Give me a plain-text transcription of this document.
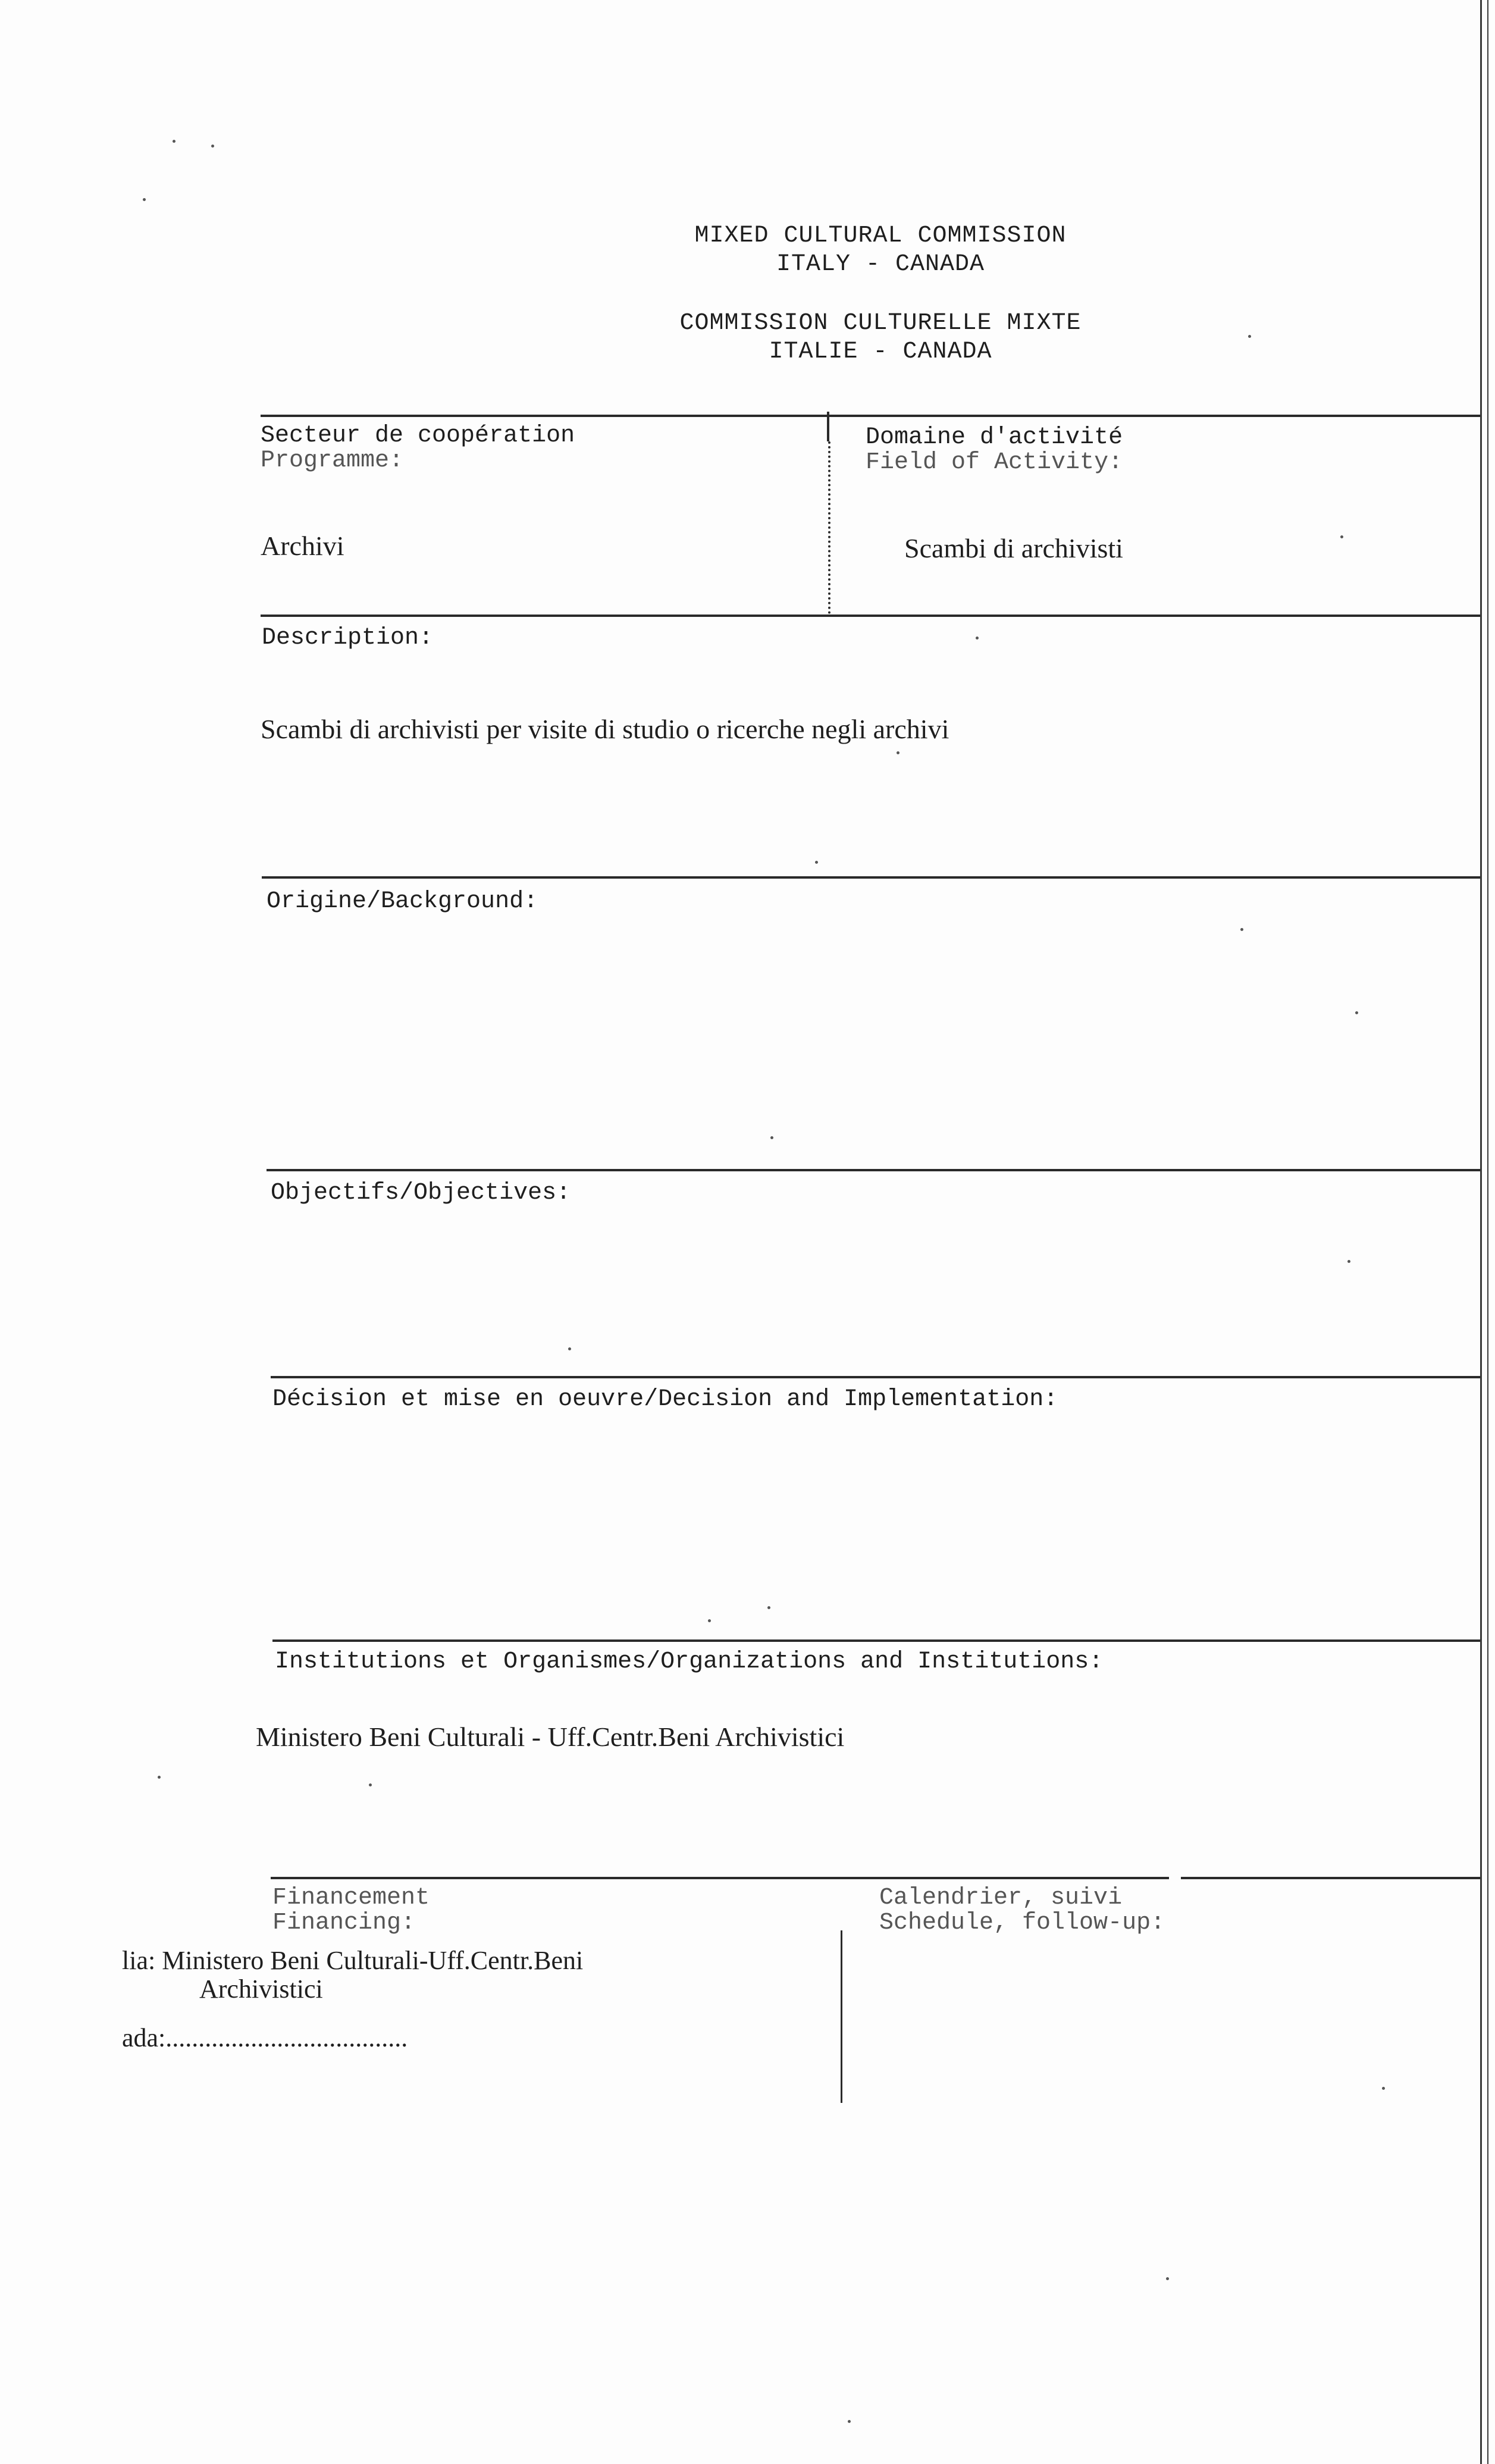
MIXED CULTURAL COMMISSION
ITALY - CANADA
COMMISSION CULTURELLE MIXTE
ITALIE - CANADA
Secteur de coopération
Programme:
Archivi
Domaine d'activité
Field of Activity:
Scambi di archivisti
Description:
Scambi di archivisti per visite di studio o ricerche negli archivi
Origine/Background:
Objectifs/Objectives:
Décision et mise en oeuvre/Decision and Implementation:
Institutions et Organismes/Organizations and Institutions:
Ministero Beni Culturali - Uff.Centr.Beni Archivistici
Financement
Financing:
lia: Ministero Beni Culturali-Uff.Centr.Beni
Archivistici
ada:.....................................
Calendrier, suivi
Schedule, follow-up:
